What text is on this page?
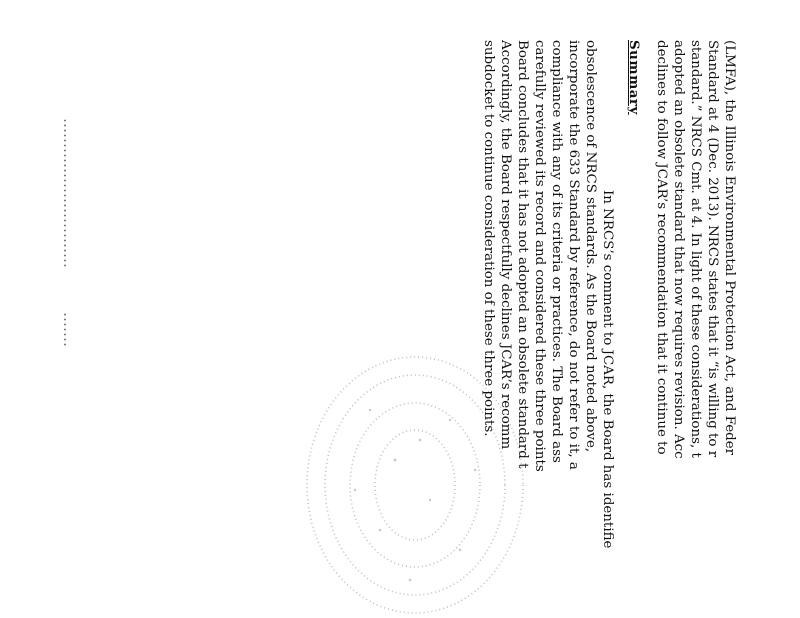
(LMFA), the Illinois Environmental Protection Act, and Feder
Standard at 4 (Dec. 2013). NRCS states that it “is willing to r
standard.” NRCS Cmt. at 4. In light of these considerations, t
adopted an obsolete standard that now requires revision. Acc
declines to follow JCAR’s recommendation that it continue to
Summary
In NRCS’s comment to JCAR, the Board has identifie
obsolescence of NRCS standards. As the Board noted above,
incorporate the 633 Standard by reference, do not refer to it, a
compliance with any of its criteria or practices. The Board ass
carefully reviewed its record and considered these three points
Board concludes that it has not adopted an obsolete standard t
Accordingly, the Board respectfully declines JCAR’s recomm
subdocket to continue consideration of these three points.
